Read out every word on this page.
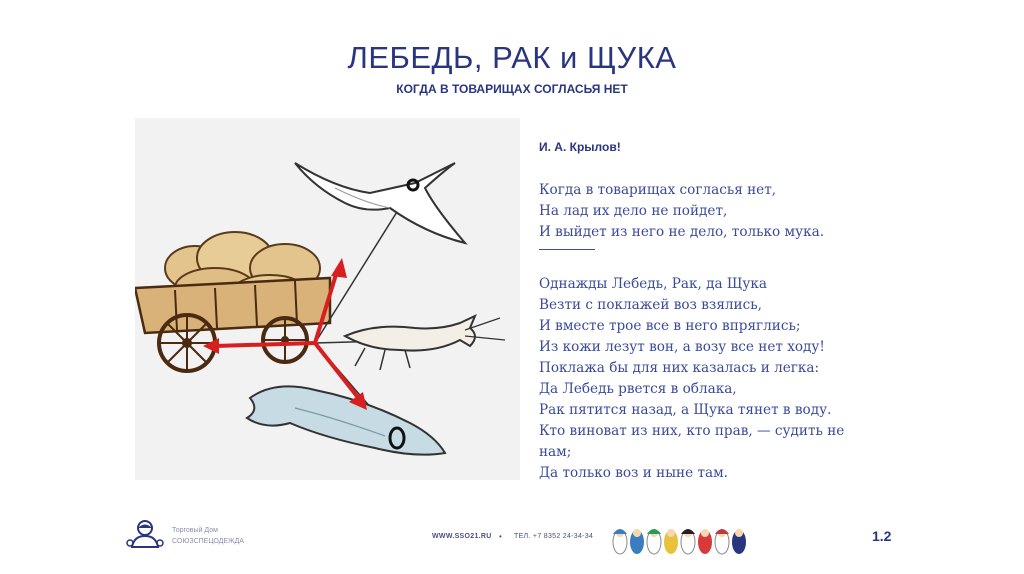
ЛЕБЕДЬ, РАК и ЩУКА
КОГДА В ТОВАРИЩАХ СОГЛАСЬЯ НЕТ
И. А. Крылов!
Когда в товарищах согласья нет,
На лад их дело не пойдет,
И выйдет из него не дело, только мука.
Однажды Лебедь, Рак, да Щука
Везти с поклажей воз взялись,
И вместе трое все в него впряглись;
Из кожи лезут вон, а возу все нет ходу!
Поклажа бы для них казалась и легка:
Да Лебедь рвется в облака,
Рак пятится назад, а Щука тянет в воду.
Кто виноват из них, кто прав, — судить не нам;
Да только воз и ныне там.
Торговый Дом
СОЮЗСПЕЦОДЕЖДА
WWW.SSO21.RU • ТЕЛ. +7 8352 24-34-34	1.2
